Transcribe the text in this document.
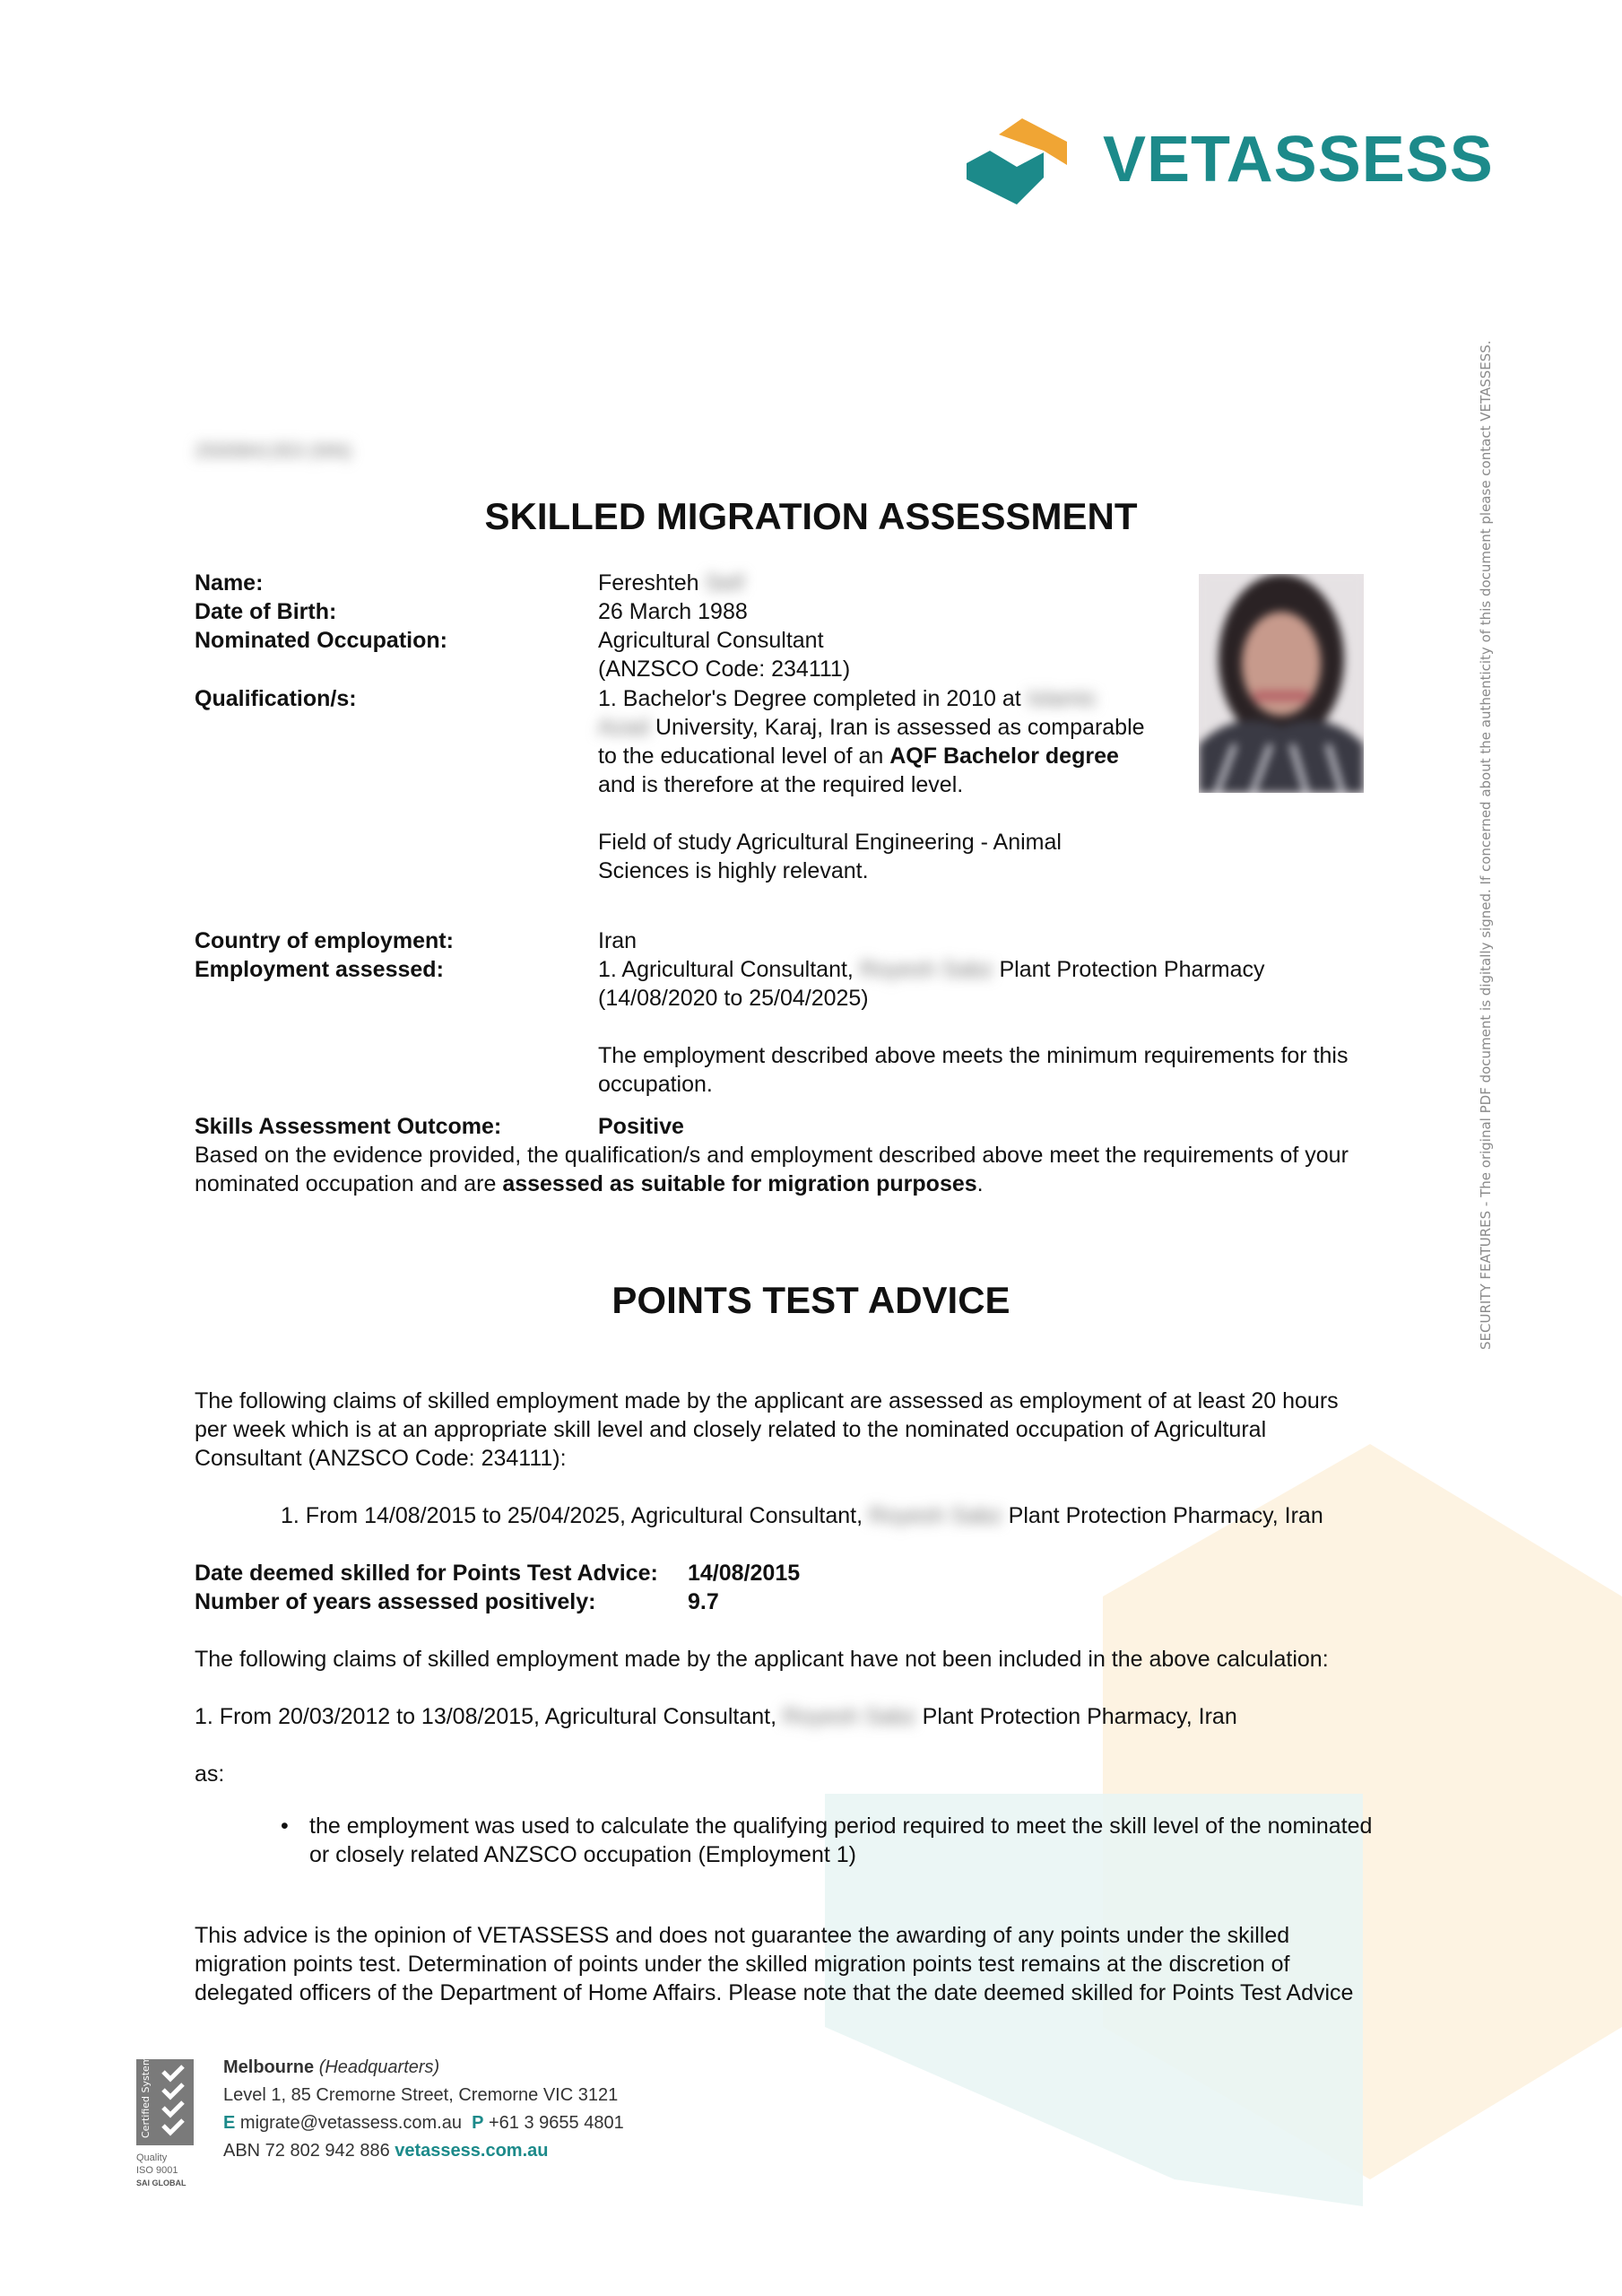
VETASSESS
SECURITY FEATURES - The original PDF document is digitally signed. If concerned about the authenticity of this document please contact VETASSESS.
2500841353 (NN)
SKILLED MIGRATION ASSESSMENT
Name:	Fereshteh Seif
Date of Birth:	26 March 1988
Nominated Occupation:	Agricultural Consultant
(ANZSCO Code: 234111)
Qualification/s:	1. Bachelor's Degree completed in 2010 at Islamic
Azad University, Karaj, Iran is assessed as comparable
to the educational level of an AQF Bachelor degree
and is therefore at the required level.
Field of study Agricultural Engineering - Animal
Sciences is highly relevant.
Country of employment:	Iran
Employment assessed:	1. Agricultural Consultant, Royesh Sabz Plant Protection Pharmacy
(14/08/2020 to 25/04/2025)
The employment described above meets the minimum requirements for this
occupation.
Skills Assessment Outcome:	Positive
Based on the evidence provided, the qualification/s and employment described above meet the requirements of your
nominated occupation and are assessed as suitable for migration purposes.
POINTS TEST ADVICE
The following claims of skilled employment made by the applicant are assessed as employment of at least 20 hours
per week which is at an appropriate skill level and closely related to the nominated occupation of Agricultural
Consultant (ANZSCO Code: 234111):
1. From 14/08/2015 to 25/04/2025, Agricultural Consultant, Royesh Sabz Plant Protection Pharmacy, Iran
Date deemed skilled for Points Test Advice: 14/08/2015
Number of years assessed positively:	9.7
The following claims of skilled employment made by the applicant have not been included in the above calculation:
1. From 20/03/2012 to 13/08/2015, Agricultural Consultant, Royesh Sabz Plant Protection Pharmacy, Iran
as:
• the employment was used to calculate the qualifying period required to meet the skill level of the nominated
or closely related ANZSCO occupation (Employment 1)
This advice is the opinion of VETASSESS and does not guarantee the awarding of any points under the skilled
migration points test. Determination of points under the skilled migration points test remains at the discretion of
delegated officers of the Department of Home Affairs. Please note that the date deemed skilled for Points Test Advice
Certified System
Quality
ISO 9001
SAI GLOBAL
Melbourne (Headquarters)
Level 1, 85 Cremorne Street, Cremorne VIC 3121
E migrate@vetassess.com.au P +61 3 9655 4801
ABN 72 802 942 886 vetassess.com.au
